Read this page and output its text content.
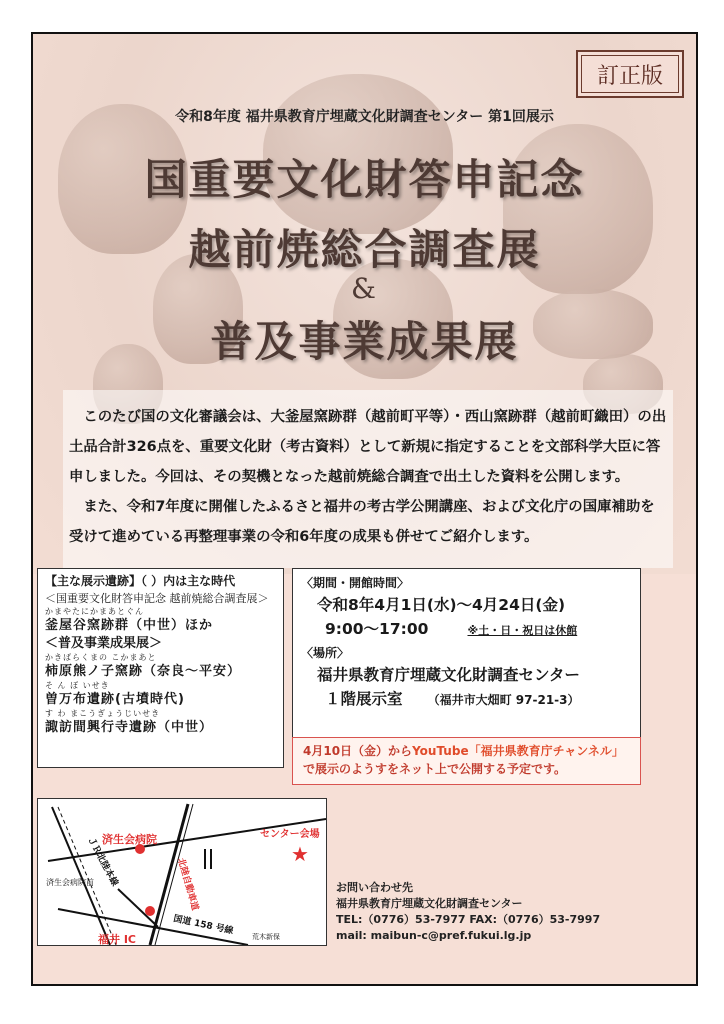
訂正版
令和8年度 福井県教育庁埋蔵文化財調査センター 第1回展示
国重要文化財答申記念
越前焼総合調査展
&
普及事業成果展

このたび国の文化審議会は、大釜屋窯跡群（越前町平等）・西山窯跡群（越前町織田）の出土品合計326点を、重要文化財（考古資料）として新規に指定することを文部科学大臣に答申しました。今回は、その契機となった越前焼総合調査で出土した資料を公開します。

また、令和7年度に開催したふるさと福井の考古学公開講座、および文化庁の国庫補助を受けて進めている再整理事業の令和6年度の成果も併せてご紹介します。

【主な展示遺跡】（ ）内は主な時代
＜国重要文化財答申記念 越前焼総合調査展＞
かまやたにかまあとぐん
釜屋谷窯跡群（中世）ほか
＜普及事業成果展＞
かきばらくまの こかまあと
柿原熊ノ子窯跡（奈良～平安）
そ ん ぼ いせき
曽万布遺跡(古墳時代)
す わ まこうぎょうじいせき
諏訪間興行寺遺跡（中世）
〈期間・開館時間〉
令和8年4月1日(水)～4月24日(金)
9:00～17:00	※土・日・祝日は休館
〈場所〉
福井県教育庁埋蔵文化財調査センター
１階展示室 （福井市大畑町 97-21-3）
4月10日（金）からYouTube「福井県教育庁チャンネル」で展示のようすをネット上で公開する予定です。
★
ＪＲ北陸本線
済生会病院
済生会病院前
センター会場
北陸自動車道
福井 IC
国道 158 号線
荒木新保
お問い合わせ先
福井県教育庁埋蔵文化財調査センター
TEL:（0776）53-7977 FAX:（0776）53-7997
mail: maibun-c@pref.fukui.lg.jp
